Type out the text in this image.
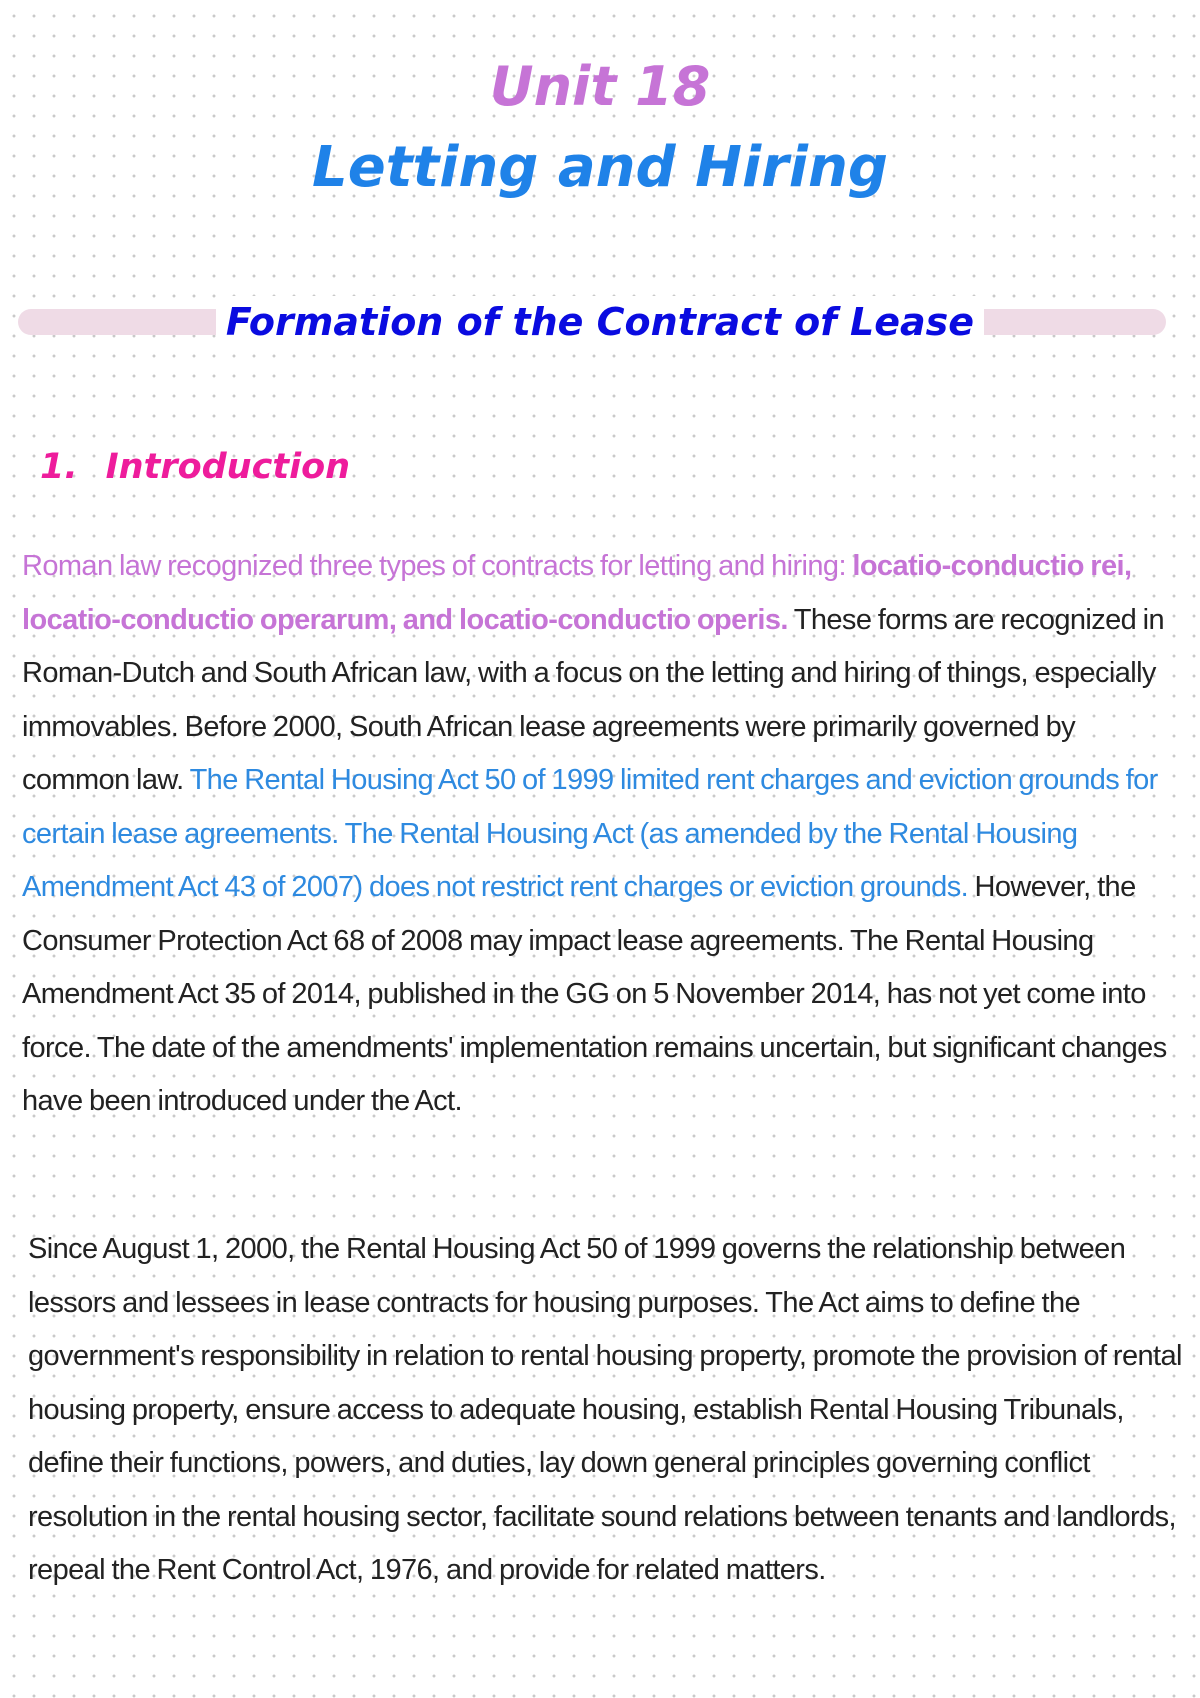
Unit 18
Letting and Hiring
Formation of the Contract of Lease
1. Introduction
Roman law recognized three types of contracts for letting and hiring: locatio-conductio rei, locatio-conductio operarum, and locatio-conductio operis. These forms are recognized in Roman-Dutch and South African law, with a focus on the letting and hiring of things, especially immovables. Before 2000, South African lease agreements were primarily governed by common law. The Rental Housing Act 50 of 1999 limited rent charges and eviction grounds for certain lease agreements. The Rental Housing Act (as amended by the Rental Housing Amendment Act 43 of 2007) does not restrict rent charges or eviction grounds. However, the Consumer Protection Act 68 of 2008 may impact lease agreements. The Rental Housing Amendment Act 35 of 2014, published in the GG on 5 November 2014, has not yet come into force. The date of the amendments' implementation remains uncertain, but significant changes have been introduced under the Act.
Since August 1, 2000, the Rental Housing Act 50 of 1999 governs the relationship between lessors and lessees in lease contracts for housing purposes. The Act aims to define the government's responsibility in relation to rental housing property, promote the provision of rental housing property, ensure access to adequate housing, establish Rental Housing Tribunals, define their functions, powers, and duties, lay down general principles governing conflict resolution in the rental housing sector, facilitate sound relations between tenants and landlords, repeal the Rent Control Act, 1976, and provide for related matters.
